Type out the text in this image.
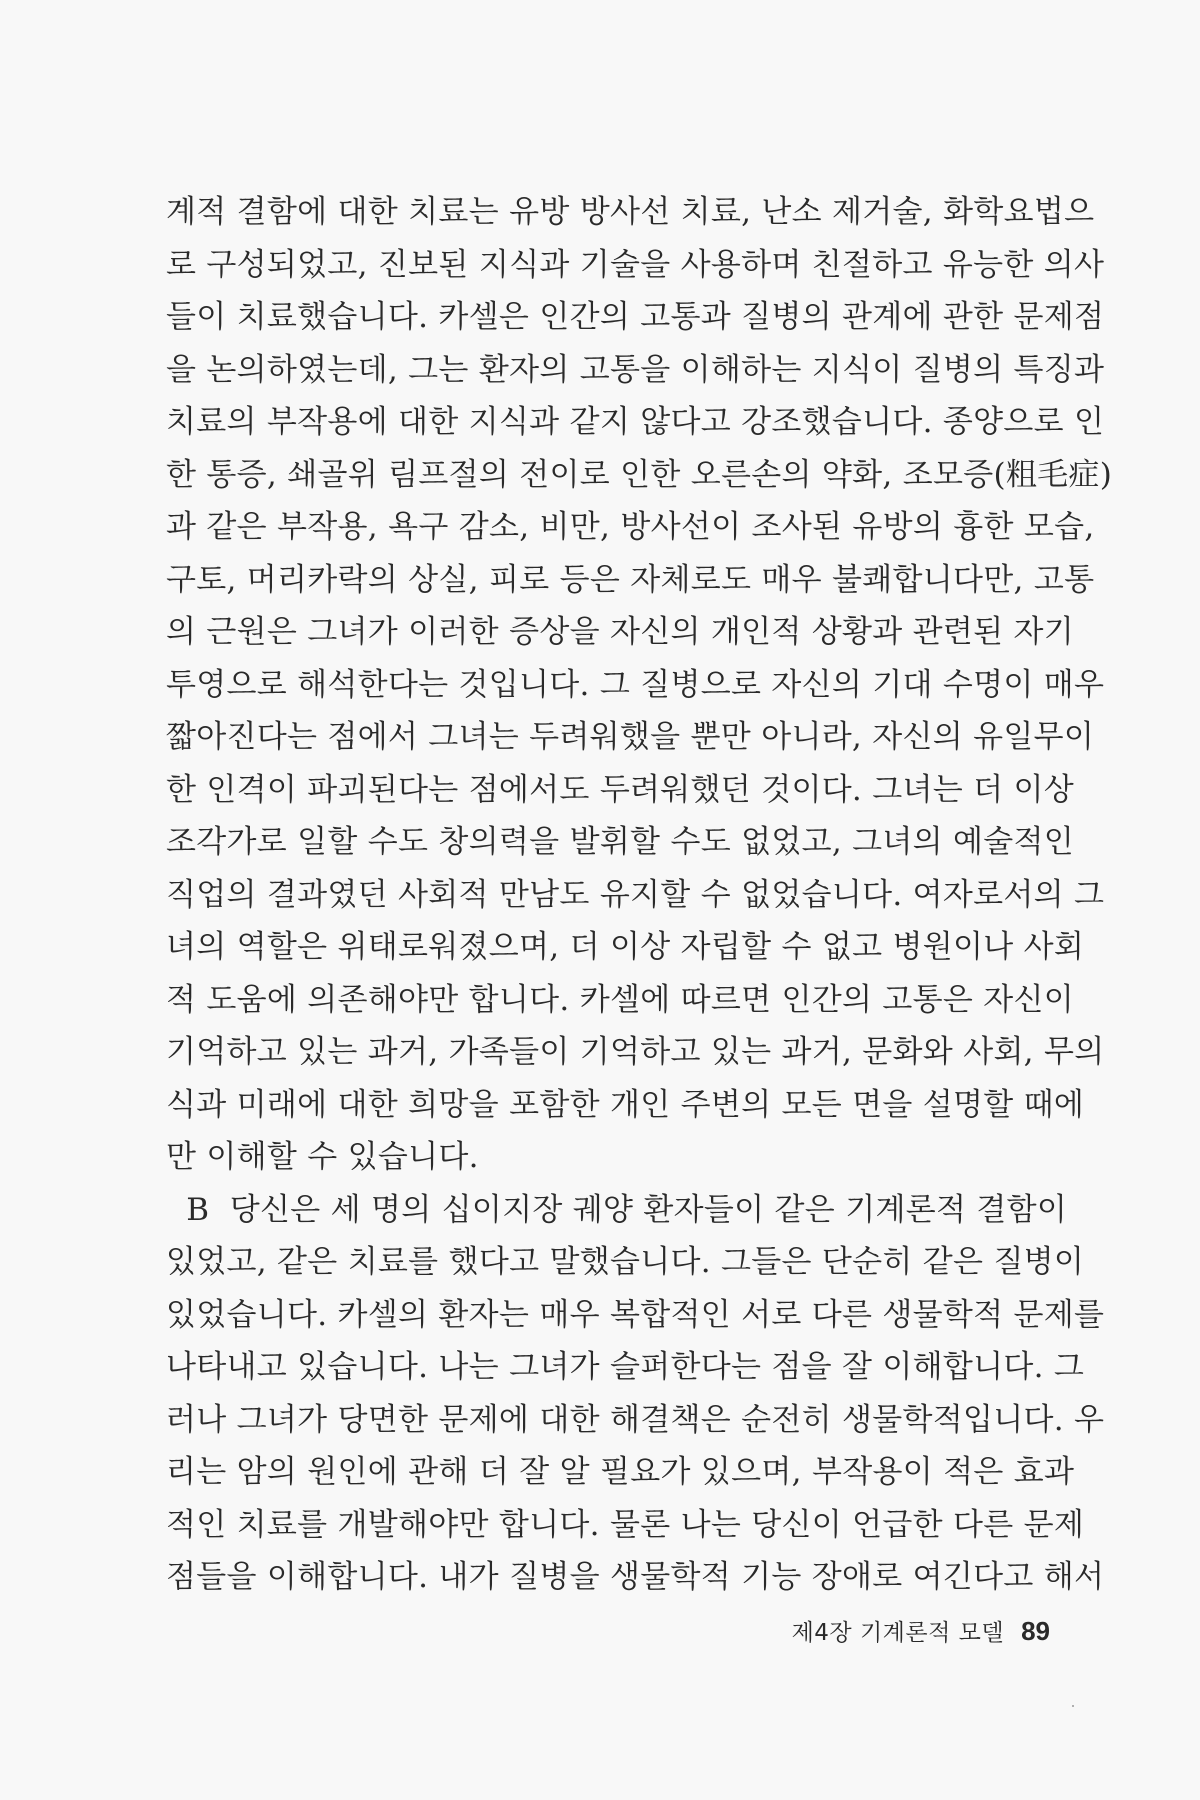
계적 결함에 대한 치료는 유방 방사선 치료, 난소 제거술, 화학요법으
로 구성되었고, 진보된 지식과 기술을 사용하며 친절하고 유능한 의사
들이 치료했습니다. 카셀은 인간의 고통과 질병의 관계에 관한 문제점
을 논의하였는데, 그는 환자의 고통을 이해하는 지식이 질병의 특징과
치료의 부작용에 대한 지식과 같지 않다고 강조했습니다. 종양으로 인
한 통증, 쇄골위 림프절의 전이로 인한 오른손의 약화, 조모증(粗毛症)
과 같은 부작용, 욕구 감소, 비만, 방사선이 조사된 유방의 흉한 모습,
구토, 머리카락의 상실, 피로 등은 자체로도 매우 불쾌합니다만, 고통
의 근원은 그녀가 이러한 증상을 자신의 개인적 상황과 관련된 자기
투영으로 해석한다는 것입니다. 그 질병으로 자신의 기대 수명이 매우
짧아진다는 점에서 그녀는 두려워했을 뿐만 아니라, 자신의 유일무이
한 인격이 파괴된다는 점에서도 두려워했던 것이다. 그녀는 더 이상
조각가로 일할 수도 창의력을 발휘할 수도 없었고, 그녀의 예술적인
직업의 결과였던 사회적 만남도 유지할 수 없었습니다. 여자로서의 그
녀의 역할은 위태로워졌으며, 더 이상 자립할 수 없고 병원이나 사회
적 도움에 의존해야만 합니다. 카셀에 따르면 인간의 고통은 자신이
기억하고 있는 과거, 가족들이 기억하고 있는 과거, 문화와 사회, 무의
식과 미래에 대한 희망을 포함한 개인 주변의 모든 면을 설명할 때에
만 이해할 수 있습니다.
B  당신은 세 명의 십이지장 궤양 환자들이 같은 기계론적 결함이
있었고, 같은 치료를 했다고 말했습니다. 그들은 단순히 같은 질병이
있었습니다. 카셀의 환자는 매우 복합적인 서로 다른 생물학적 문제를
나타내고 있습니다. 나는 그녀가 슬퍼한다는 점을 잘 이해합니다. 그
러나 그녀가 당면한 문제에 대한 해결책은 순전히 생물학적입니다. 우
리는 암의 원인에 관해 더 잘 알 필요가 있으며, 부작용이 적은 효과
적인 치료를 개발해야만 합니다. 물론 나는 당신이 언급한 다른 문제
점들을 이해합니다. 내가 질병을 생물학적 기능 장애로 여긴다고 해서
제4장 기계론적 모델 89
